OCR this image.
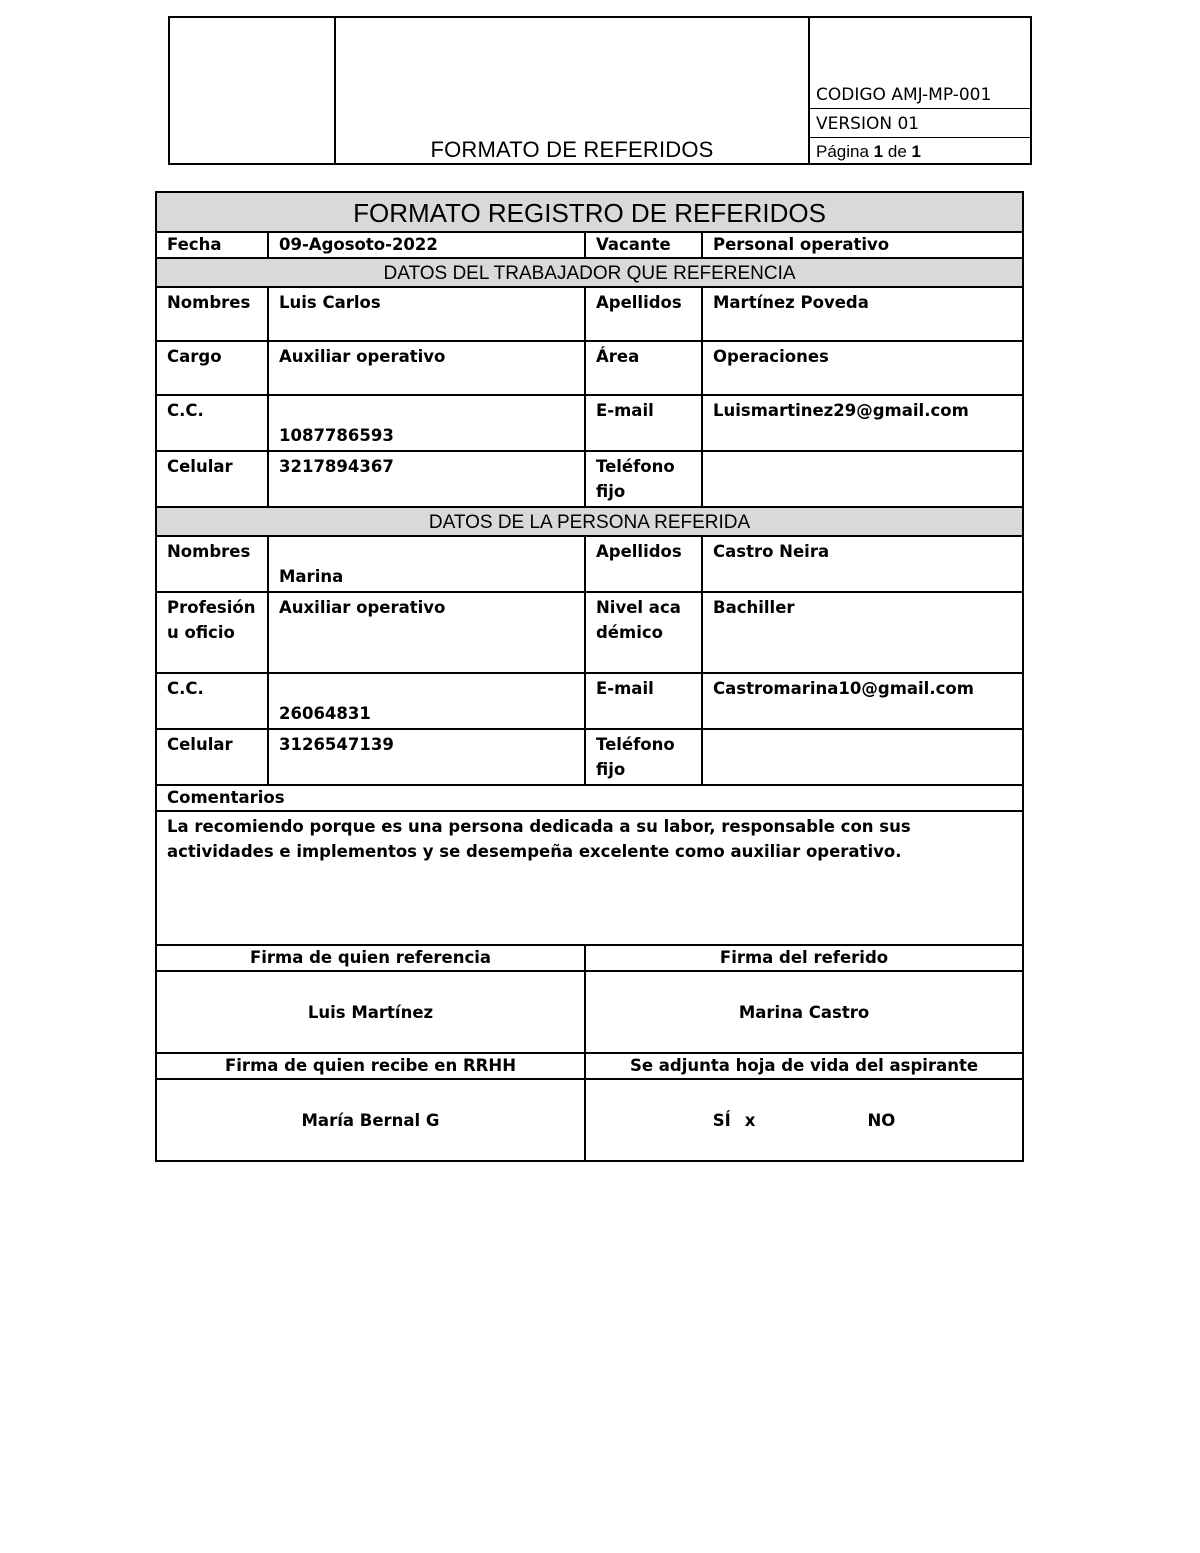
FORMATO DE REFERIDOS
CODIGO AMJ-MP-001
VERSION 01
Página 1 de 1
FORMATO REGISTRO DE REFERIDOS			
Fecha	09-Agosoto-2022	Vacante	Personal operativo
DATOS DEL TRABAJADOR QUE REFERENCIA			
Nombres	Luis Carlos	Apellidos	Martínez Poveda
Cargo	Auxiliar operativo	Área	Operaciones
C.C.	1087786593	E-mail	Luismartinez29@gmail.com
Celular	3217894367	Teléfono fijo	
DATOS DE LA PERSONA REFERIDA			
Nombres	Marina	Apellidos	Castro Neira
Profesión u oficio	Auxiliar operativo	Nivel académico	Bachiller
C.C.	26064831	E-mail	Castromarina10@gmail.com
Celular	3126547139	Teléfono fijo	
Comentarios			
La recomiendo porque es una persona dedicada a su labor, responsable con sus actividades e implementos y se desempeña excelente como auxiliar operativo.			
Firma de quien referencia		Firma del referido	
Luis Martínez		Marina Castro	
Firma de quien recibe en RRHH		Se adjunta hoja de vida del aspirante	
María Bernal G		SÍ x NO	
